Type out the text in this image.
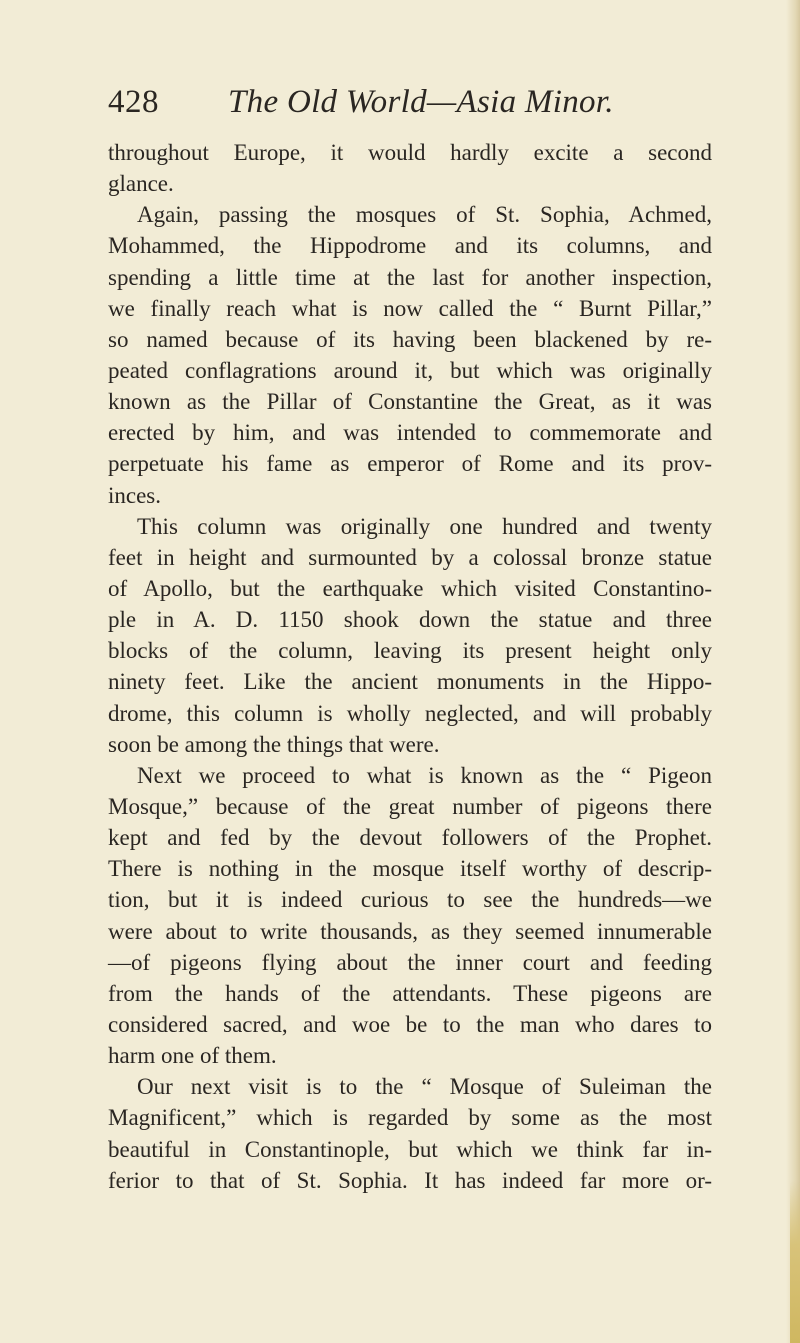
428 The Old World—Asia Minor.
throughout Europe, it would hardly excite a second
glance.
Again, passing the mosques of St. Sophia, Achmed,
Mohammed, the Hippodrome and its columns, and
spending a little time at the last for another inspection,
we finally reach what is now called the “ Burnt Pillar,”
so named because of its having been blackened by re-
peated conflagrations around it, but which was originally
known as the Pillar of Constantine the Great, as it was
erected by him, and was intended to commemorate and
perpetuate his fame as emperor of Rome and its prov-
inces.
This column was originally one hundred and twenty
feet in height and surmounted by a colossal bronze statue
of Apollo, but the earthquake which visited Constantino-
ple in A. D. 1150 shook down the statue and three
blocks of the column, leaving its present height only
ninety feet. Like the ancient monuments in the Hippo-
drome, this column is wholly neglected, and will probably
soon be among the things that were.
Next we proceed to what is known as the “ Pigeon
Mosque,” because of the great number of pigeons there
kept and fed by the devout followers of the Prophet.
There is nothing in the mosque itself worthy of descrip-
tion, but it is indeed curious to see the hundreds—we
were about to write thousands, as they seemed innumerable
—of pigeons flying about the inner court and feeding
from the hands of the attendants. These pigeons are
considered sacred, and woe be to the man who dares to
harm one of them.
Our next visit is to the “ Mosque of Suleiman the
Magnificent,” which is regarded by some as the most
beautiful in Constantinople, but which we think far in-
ferior to that of St. Sophia. It has indeed far more or-
